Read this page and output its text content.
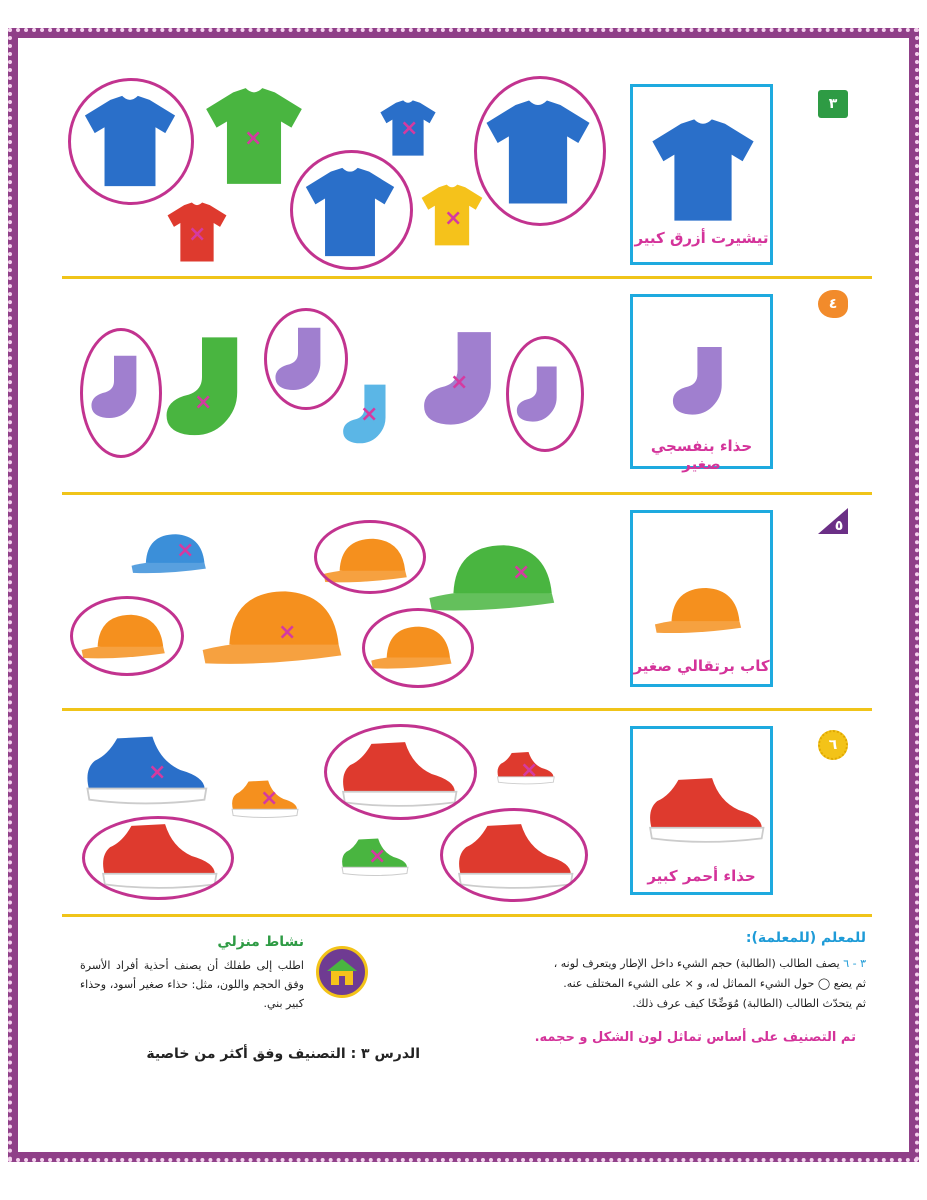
٣
تيشيرت أزرق كبير
×	×
×
×
٤
حذاء بنفسجي صغير
×	×
×
٥
كاب برتقالي صغير
×
×
×
٦
حذاء أحمر كبير
×
×
×
×
للمعلم (للمعلمة):
٣ - ٦ يصف الطالب (الطالبة) حجم الشيء داخل الإطار ويتعرف لونه ،
ثم يضع ◯ حول الشيء المماثل له، و × على الشيء المختلف عنه.
ثم يتحدّث الطالب (الطالبة) مُوَضِّحًا كيف عرف ذلك.
تم التصنيف على أساس تماثل لون الشكل و حجمه.
نشاط منزلي
اطلب إلى طفلك أن يصنف أحذية أفراد الأسرة وفق الحجم واللون، مثل: حذاء صغير أسود، وحذاء كبير بني.
الدرس ٣ : التصنيف وفق أكثر من خاصية
